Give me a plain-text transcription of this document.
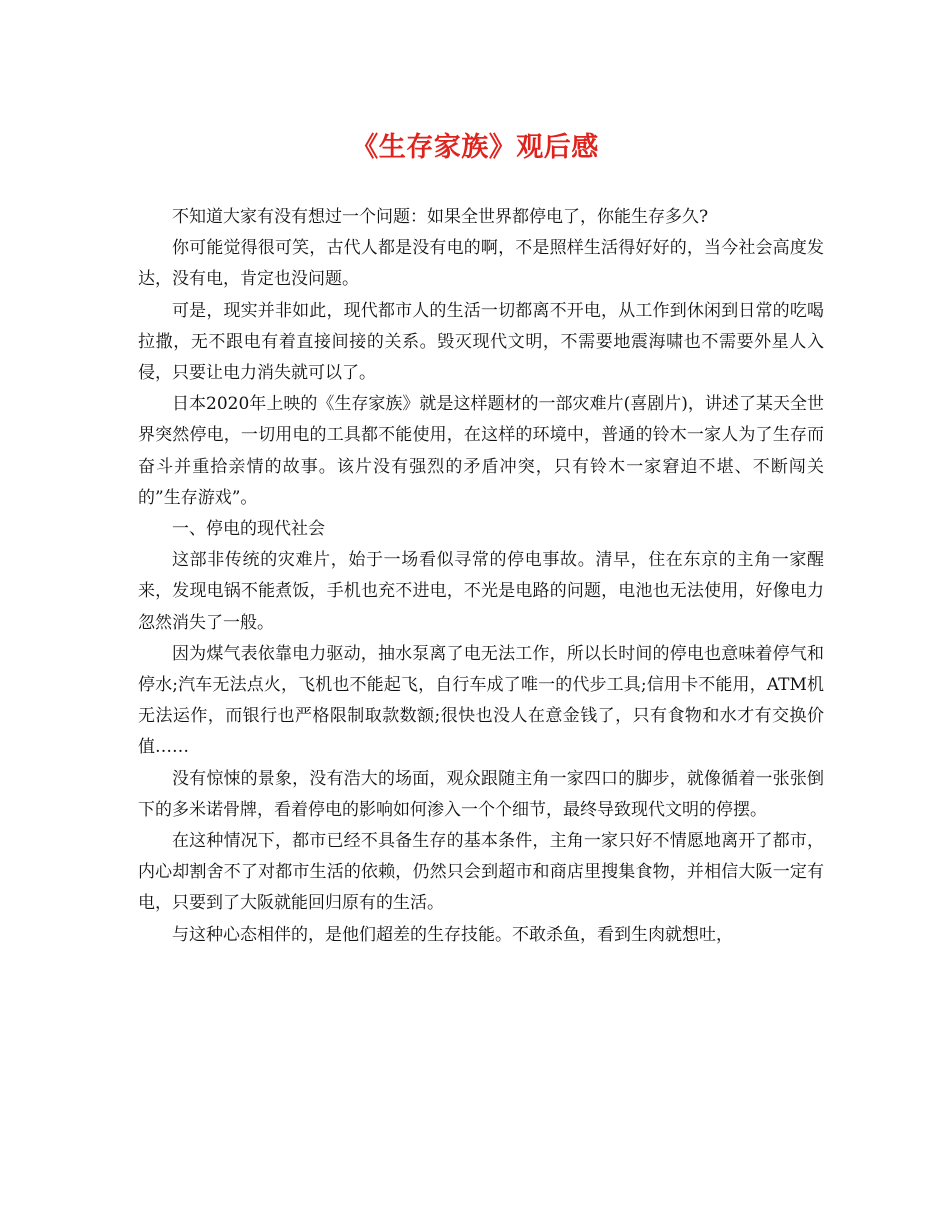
《生存家族》观后感

不知道大家有没有想过一个问题：如果全世界都停电了，你能生存多久?

你可能觉得很可笑，古代人都是没有电的啊，不是照样生活得好好的，当今社会高度发达，没有电，肯定也没问题。

可是，现实并非如此，现代都市人的生活一切都离不开电，从工作到休闲到日常的吃喝拉撒，无不跟电有着直接间接的关系。毁灭现代文明，不需要地震海啸也不需要外星人入侵，只要让电力消失就可以了。

日本2020年上映的《生存家族》就是这样题材的一部灾难片(喜剧片)，讲述了某天全世界突然停电，一切用电的工具都不能使用，在这样的环境中，普通的铃木一家人为了生存而奋斗并重拾亲情的故事。该片没有强烈的矛盾冲突，只有铃木一家窘迫不堪、不断闯关的”生存游戏”。

一、停电的现代社会

这部非传统的灾难片，始于一场看似寻常的停电事故。清早，住在东京的主角一家醒来，发现电锅不能煮饭，手机也充不进电，不光是电路的问题，电池也无法使用，好像电力忽然消失了一般。

因为煤气表依靠电力驱动，抽水泵离了电无法工作，所以长时间的停电也意味着停气和停水;汽车无法点火，飞机也不能起飞，自行车成了唯一的代步工具;信用卡不能用，ATM机无法运作，而银行也严格限制取款数额;很快也没人在意金钱了，只有食物和水才有交换价值……

没有惊悚的景象，没有浩大的场面，观众跟随主角一家四口的脚步，就像循着一张张倒下的多米诺骨牌，看着停电的影响如何渗入一个个细节，最终导致现代文明的停摆。

在这种情况下，都市已经不具备生存的基本条件，主角一家只好不情愿地离开了都市，内心却割舍不了对都市生活的依赖，仍然只会到超市和商店里搜集食物，并相信大阪一定有电，只要到了大阪就能回归原有的生活。

与这种心态相伴的，是他们超差的生存技能。不敢杀鱼，看到生肉就想吐，
